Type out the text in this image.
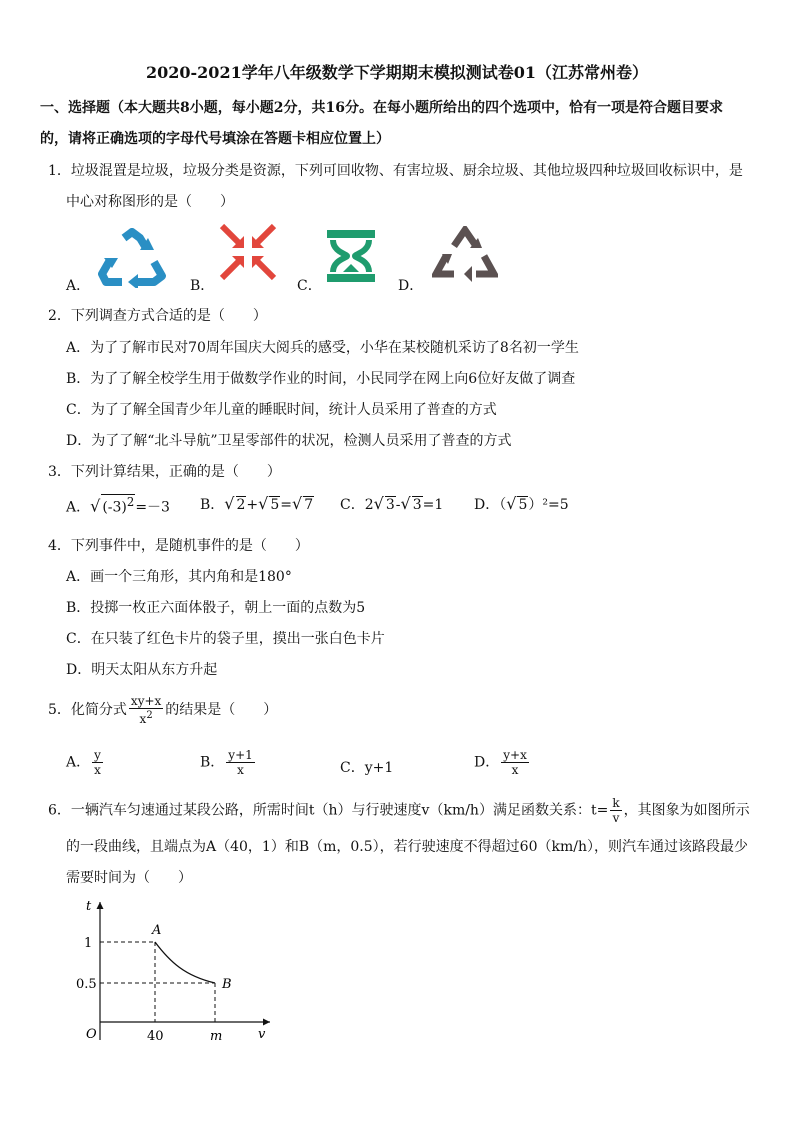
2020-2021学年八年级数学下学期期末模拟测试卷01（江苏常州卷）
一、选择题（本大题共8小题，每小题2分，共16分。在每小题所给出的四个选项中，恰有一项是符合题目要求
的，请将正确选项的字母代号填涂在答题卡相应位置上）
1．垃圾混置是垃圾，垃圾分类是资源，下列可回收物、有害垃圾、厨余垃圾、其他垃圾四种垃圾回收标识中，是
中心对称图形的是（　　）
A．	B．	C．	D．
2．下列调查方式合适的是（　　）
A．为了了解市民对70周年国庆大阅兵的感受，小华在某校随机采访了8名初一学生
B．为了了解全校学生用于做数学作业的时间，小民同学在网上向6位好友做了调查
C．为了了解全国青少年儿童的睡眠时间，统计人员采用了普查的方式
D．为了了解“北斗导航”卫星零部件的状况，检测人员采用了普查的方式
3．下列计算结果，正确的是（　　）
A．√ $(-3)^2=-3$ B．√ 2+√ 5=√ 7 C．2√ 3-√ 3=1 D．（√ 5）²=5
4．下列事件中，是随机事件的是（　　）
A．画一个三角形，其内角和是180°
B．投掷一枚正六面体骰子，朝上一面的点数为5
C．在只装了红色卡片的袋子里，摸出一张白色卡片
D．明天太阳从东方升起
5．化简分式 $\frac{xy+x}{x^2}$ 的结果是（　　）
A． $\frac{y}{x}$	B． $\frac{y+1}{x}$	C．y+1	D． $\frac{y+x}{x}$
6．一辆汽车匀速通过某段公路，所需时间t（h）与行驶速度v（km/h）满足函数关系：$t= \frac{k}{v}$ ，其图象为如图所示
的一段曲线，且端点为A（40，1）和B（m，0.5），若行驶速度不得超过60（km/h），则汽车通过该路段最少
需要时间为（　　）
t
v
O
1
0.5
40	m
A
B
